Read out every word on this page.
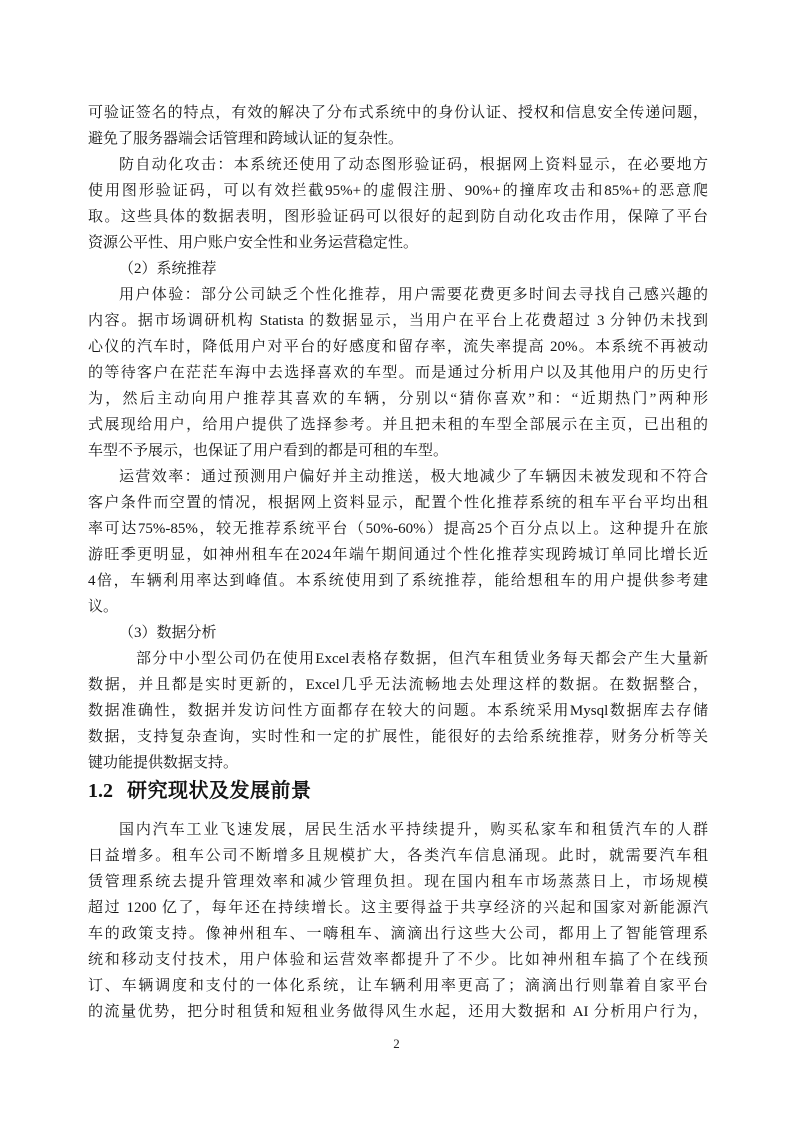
可验证签名的特点，有效的解决了分布式系统中的身份认证、授权和信息安全传递问题，
避免了服务器端会话管理和跨域认证的复杂性。
防自动化攻击：本系统还使用了动态图形验证码，根据网上资料显示，在必要地方
使用图形验证码，可以有效拦截95%+的虚假注册、90%+的撞库攻击和85%+的恶意爬
取。这些具体的数据表明，图形验证码可以很好的起到防自动化攻击作用，保障了平台
资源公平性、用户账户安全性和业务运营稳定性。
（2）系统推荐
用户体验：部分公司缺乏个性化推荐，用户需要花费更多时间去寻找自己感兴趣的
内容。据市场调研机构 Statista 的数据显示，当用户在平台上花费超过 3 分钟仍未找到
心仪的汽车时，降低用户对平台的好感度和留存率，流失率提高 20%。本系统不再被动
的等待客户在茫茫车海中去选择喜欢的车型。而是通过分析用户以及其他用户的历史行
为，然后主动向用户推荐其喜欢的车辆，分别以“猜你喜欢”和：“近期热门”两种形
式展现给用户，给用户提供了选择参考。并且把未租的车型全部展示在主页，已出租的
车型不予展示，也保证了用户看到的都是可租的车型。
运营效率：通过预测用户偏好并主动推送，极大地减少了车辆因未被发现和不符合
客户条件而空置的情况，根据网上资料显示，配置个性化推荐系统的租车平台平均出租
率可达75%-85%，较无推荐系统平台（50%-60%）提高25个百分点以上。这种提升在旅
游旺季更明显，如神州租车在2024年端午期间通过个性化推荐实现跨城订单同比增长近
4倍，车辆利用率达到峰值。本系统使用到了系统推荐，能给想租车的用户提供参考建
议。
（3）数据分析
部分中小型公司仍在使用Excel表格存数据，但汽车租赁业务每天都会产生大量新
数据，并且都是实时更新的，Excel几乎无法流畅地去处理这样的数据。在数据整合，
数据准确性，数据并发访问性方面都存在较大的问题。本系统采用Mysql数据库去存储
数据，支持复杂查询，实时性和一定的扩展性，能很好的去给系统推荐，财务分析等关
键功能提供数据支持。
1.2 研究现状及发展前景
国内汽车工业飞速发展，居民生活水平持续提升，购买私家车和租赁汽车的人群
日益增多。租车公司不断增多且规模扩大，各类汽车信息涌现。此时，就需要汽车租
赁管理系统去提升管理效率和减少管理负担。现在国内租车市场蒸蒸日上，市场规模
超过 1200 亿了，每年还在持续增长。这主要得益于共享经济的兴起和国家对新能源汽
车的政策支持。像神州租车、一嗨租车、滴滴出行这些大公司，都用上了智能管理系
统和移动支付技术，用户体验和运营效率都提升了不少。比如神州租车搞了个在线预
订、车辆调度和支付的一体化系统，让车辆利用率更高了；滴滴出行则靠着自家平台
的流量优势，把分时租赁和短租业务做得风生水起，还用大数据和 AI 分析用户行为，
2
